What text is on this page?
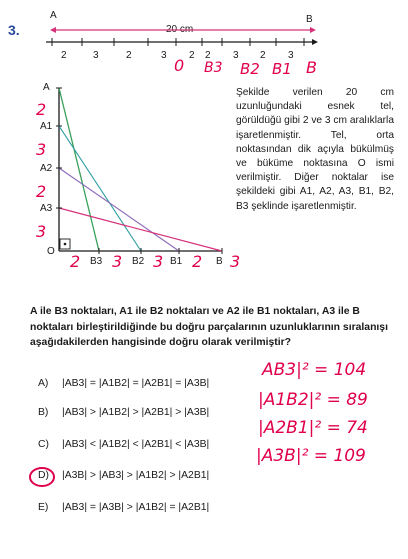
3.
A	B
20 cm
2	3	2	3 2 2 3 2 3
0 B3 B2 B1 B
A
A1
A2
A3
O
B3	B2	B1	B
2
3
2
3
2 3 3 2 3
Şekilde verilen 20 cm uzunluğundaki esnek tel, görüldüğü gibi 2 ve 3 cm aralıklarla işaretlenmiştir. Tel, orta noktasından dik açıyla bükülmüş ve büküme noktasına O ismi verilmiştir. Diğer noktalar ise şekildeki gibi A1, A2, A3, B1, B2, B3 şeklinde işaretlenmiştir.
A ile B3 noktaları, A1 ile B2 noktaları ve A2 ile B1 noktaları, A3 ile B noktaları birleştirildiğinde bu doğru parçalarının uzunluklarının sıralanışı aşağıdakilerden hangisinde doğru olarak verilmiştir?
A) |AB3| = |A1B2| = |A2B1| = |A3B|
B) |AB3| > |A1B2| > |A2B1| > |A3B|
C) |AB3| < |A1B2| < |A2B1| < |A3B|
D) |A3B| > |AB3| > |A1B2| > |A2B1|
E) |AB3| = |A3B| > |A1B2| = |A2B1|
AB3|² = 104
|A1B2|² = 89
|A2B1|² = 74
|A3B|² = 109
